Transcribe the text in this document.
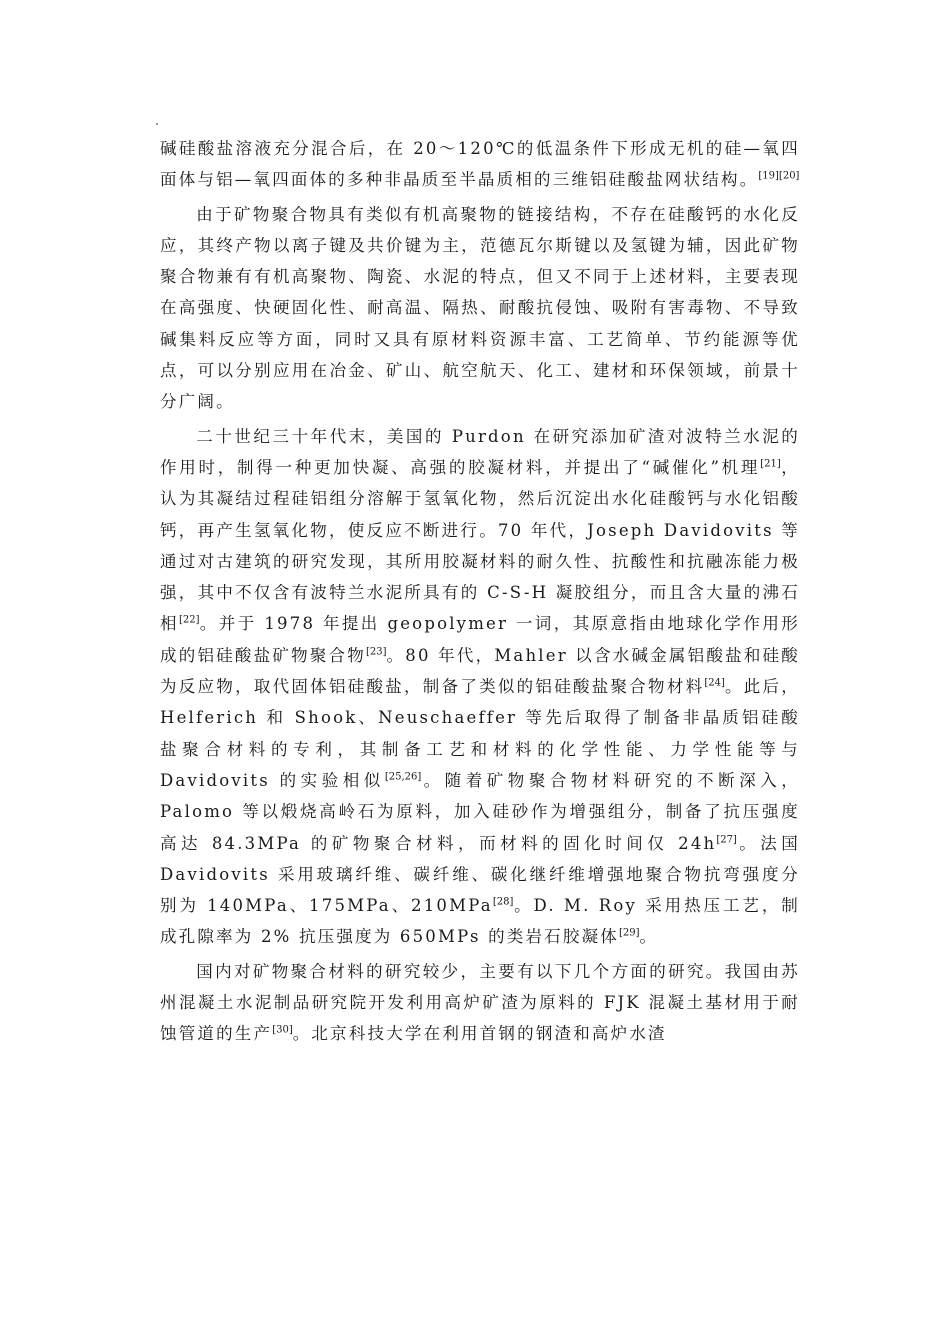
碱硅酸盐溶液充分混合后，在 20～120℃的低温条件下形成无机的硅—氧四面体与铝—氧四面体的多种非晶质至半晶质相的三维铝硅酸盐网状结构。[19][20]

由于矿物聚合物具有类似有机高聚物的链接结构，不存在硅酸钙的水化反应，其终产物以离子键及共价键为主，范德瓦尔斯键以及氢键为辅，因此矿物聚合物兼有有机高聚物、陶瓷、水泥的特点，但又不同于上述材料，主要表现在高强度、快硬固化性、耐高温、隔热、耐酸抗侵蚀、吸附有害毒物、不导致碱集料反应等方面，同时又具有原材料资源丰富、工艺简单、节约能源等优点，可以分别应用在冶金、矿山、航空航天、化工、建材和环保领域，前景十分广阔。

二十世纪三十年代末，美国的 Purdon 在研究添加矿渣对波特兰水泥的作用时，制得一种更加快凝、高强的胶凝材料，并提出了“碱催化”机理[21]，认为其凝结过程硅铝组分溶解于氢氧化物，然后沉淀出水化硅酸钙与水化铝酸钙，再产生氢氧化物，使反应不断进行。70 年代，Joseph Davidovits 等通过对古建筑的研究发现，其所用胶凝材料的耐久性、抗酸性和抗融冻能力极强，其中不仅含有波特兰水泥所具有的 C-S-H 凝胶组分，而且含大量的沸石相[22]。并于 1978 年提出 geopolymer 一词，其原意指由地球化学作用形成的铝硅酸盐矿物聚合物[23]。80 年代，Mahler 以含水碱金属铝酸盐和硅酸为反应物，取代固体铝硅酸盐，制备了类似的铝硅酸盐聚合物材料[24]。此后，Helferich 和 Shook、Neuschaeffer 等先后取得了制备非晶质铝硅酸盐聚合材料的专利，其制备工艺和材料的化学性能、力学性能等与 Davidovits 的实验相似[25,26]。随着矿物聚合物材料研究的不断深入，Palomo 等以煅烧高岭石为原料，加入硅砂作为增强组分，制备了抗压强度高达 84.3MPa 的矿物聚合材料，而材料的固化时间仅 24h[27]。法国 Davidovits 采用玻璃纤维、碳纤维、碳化继纤维增强地聚合物抗弯强度分别为 140MPa、175MPa、210MPa[28]。D. M. Roy 采用热压工艺，制成孔隙率为 2% 抗压强度为 650MPs 的类岩石胶凝体[29]。

国内对矿物聚合材料的研究较少，主要有以下几个方面的研究。我国由苏州混凝土水泥制品研究院开发利用高炉矿渣为原料的 FJK 混凝土基材用于耐蚀管道的生产[30]。北京科技大学在利用首钢的钢渣和高炉水渣
